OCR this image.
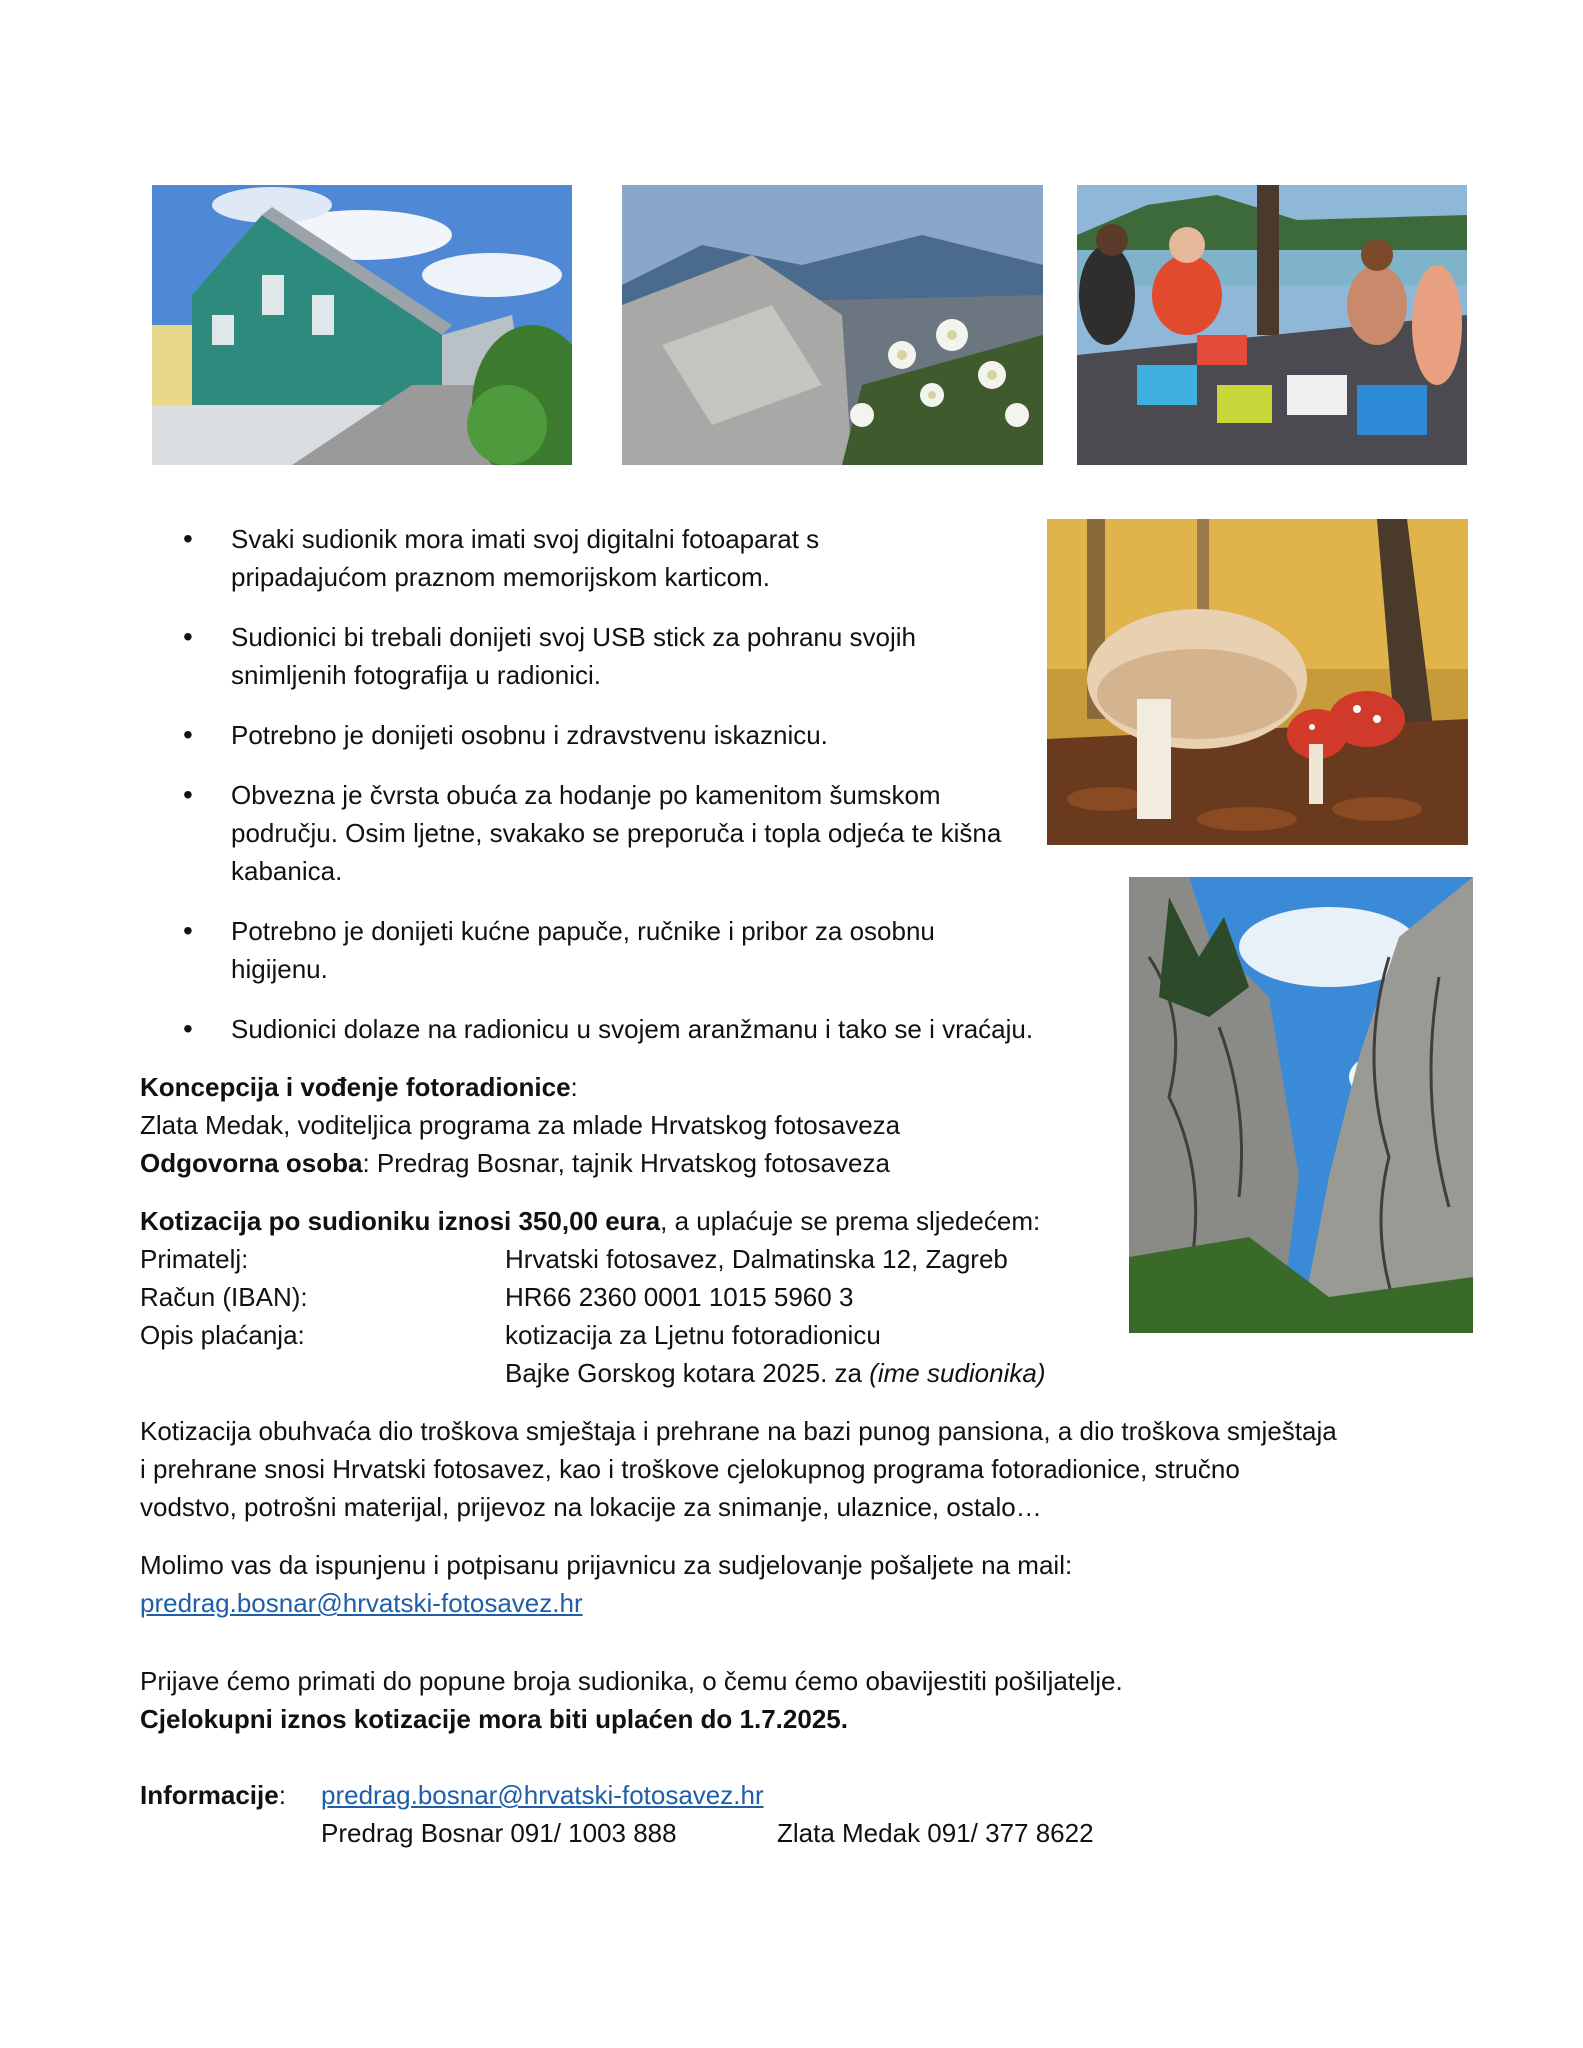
• Svaki sudionik mora imati svoj digitalni fotoaparat s pripadajućom praznom memorijskom karticom.
• Sudionici bi trebali donijeti svoj USB stick za pohranu svojih snimljenih fotografija u radionici.
• Potrebno je donijeti osobnu i zdravstvenu iskaznicu.
• Obvezna je čvrsta obuća za hodanje po kamenitom šumskom području. Osim ljetne, svakako se preporuča i topla odjeća te kišna kabanica.
• Potrebno je donijeti kućne papuče, ručnike i pribor za osobnu higijenu.
• Sudionici dolaze na radionicu u svojem aranžmanu i tako se i vraćaju.
Koncepcija i vođenje fotoradionice:
Zlata Medak, voditeljica programa za mlade Hrvatskog fotosaveza
Odgovorna osoba: Predrag Bosnar, tajnik Hrvatskog fotosaveza
Kotizacija po sudioniku iznosi 350,00 eura, a uplaćuje se prema sljedećem:
Primatelj:	Hrvatski fotosavez, Dalmatinska 12, Zagreb
Račun (IBAN):	HR66 2360 0001 1015 5960 3
Opis plaćanja:	kotizacija za Ljetnu fotoradionicu
Bajke Gorskog kotara 2025. za (ime sudionika)
Kotizacija obuhvaća dio troškova smještaja i prehrane na bazi punog pansiona, a dio troškova smještaja
i prehrane snosi Hrvatski fotosavez, kao i troškove cjelokupnog programa fotoradionice, stručno
vodstvo, potrošni materijal, prijevoz na lokacije za snimanje, ulaznice, ostalo…
Molimo vas da ispunjenu i potpisanu prijavnicu za sudjelovanje pošaljete na mail:
predrag.bosnar@hrvatski-fotosavez.hr
Prijave ćemo primati do popune broja sudionika, o čemu ćemo obavijestiti pošiljatelje.
Cjelokupni iznos kotizacije mora biti uplaćen do 1.7.2025.
Informacije: predrag.bosnar@hrvatski-fotosavez.hr
Predrag Bosnar 091/ 1003 888	Zlata Medak 091/ 377 8622
